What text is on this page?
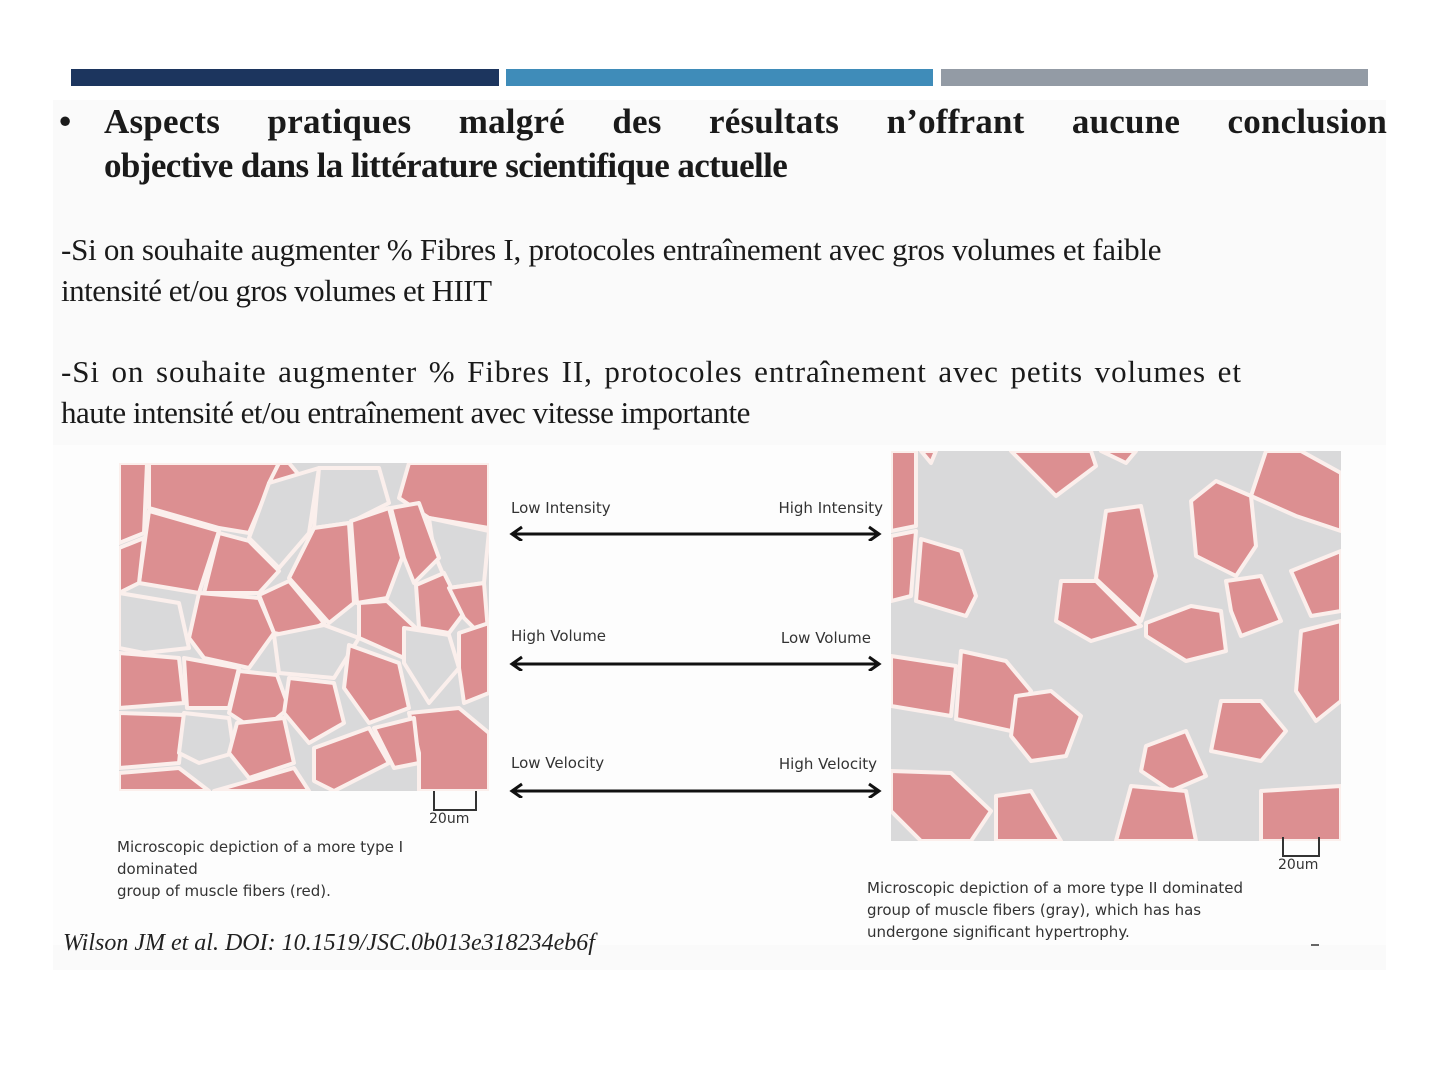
• Aspects pratiques malgré des résultats n’offrant aucune conclusion
objective dans la littérature scientifique actuelle
-Si on souhaite augmenter % Fibres I, protocoles entraînement avec gros volumes et faible
intensité et/ou gros volumes et HIIT
-Si on souhaite augmenter % Fibres II, protocoles entraînement avec petits volumes et
haute intensité et/ou entraînement avec vitesse importante
20um
Microscopic depiction of a more type I
dominated
group of muscle fibers (red).
Low Intensity	High Intensity
High Volume	Low Volume
Low Velocity	High Velocity
20um
Microscopic depiction of a more type II dominated
group of muscle fibers (gray), which has has
undergone significant hypertrophy.
Wilson JM et al. DOI: 10.1519/JSC.0b013e318234eb6f
